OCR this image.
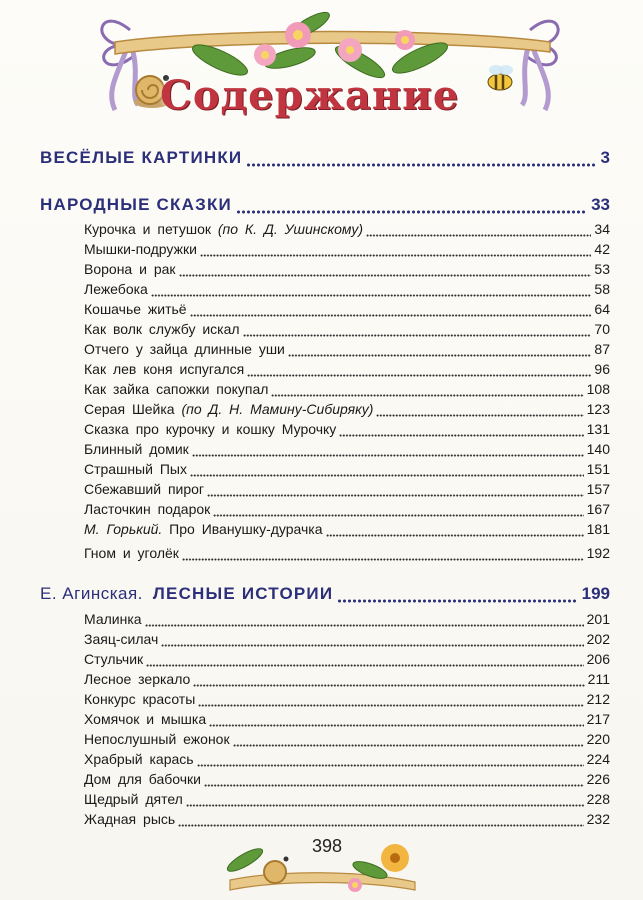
Содержание
ВЕСЁЛЫЕ КАРТИНКИ	3
НАРОДНЫЕ СКАЗКИ	33
Курочка и петушок (по К. Д. Ушинскому)	34
Мышки-подружки	42
Ворона и рак	53
Лежебока	58
Кошачье житьё	64
Как волк службу искал	70
Отчего у зайца длинные уши	87
Как лев коня испугался	96
Как зайка сапожки покупал	108
Серая Шейка (по Д. Н. Мамину-Сибиряку)	123
Сказка про курочку и кошку Мурочку	131
Блинный домик	140
Страшный Пых	151
Сбежавший пирог	157
Ласточкин подарок	167
М. Горький. Про Иванушку-дурачка	181
Гном и уголёк	192
Е. Агинская. ЛЕСНЫЕ ИСТОРИИ	199
Малинка	201
Заяц-силач	202
Стульчик	206
Лесное зеркало	211
Конкурс красоты	212
Хомячок и мышка	217
Непослушный ежонок	220
Храбрый карась	224
Дом для бабочки	226
Щедрый дятел	228
Жадная рысь	232
398
